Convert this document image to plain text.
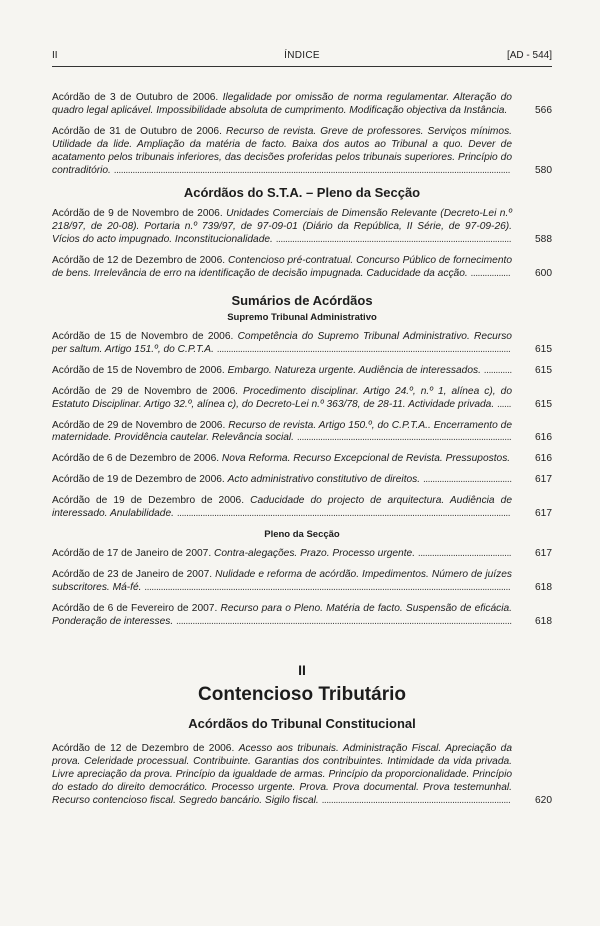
II	ÍNDICE	[AD - 544]
Acórdão de 3 de Outubro de 2006. Ilegalidade por omissão de norma regulamentar. Alteração do quadro legal aplicável. Impossibilidade absoluta de cumprimento. Modificação objectiva da Instância.	566
Acórdão de 31 de Outubro de 2006. Recurso de revista. Greve de professores. Serviços mínimos. Utilidade da lide. Ampliação da matéria de facto. Baixa dos autos ao Tribunal a quo. Dever de acatamento pelos tribunais inferiores, das decisões proferidas pelos tribunais superiores. Princípio do contraditório. .......................................................................................................................................................................... 580
Acórdãos do S.T.A. – Pleno da Secção
Acórdão de 9 de Novembro de 2006. Unidades Comerciais de Dimensão Relevante (Decreto-Lei n.º 218/97, de 20-08). Portaria n.º 739/97, de 97-09-01 (Diário da República, II Série, de 97-09-26). Vícios do acto impugnado. Inconstitucionalidade. ..................................................................................................... 588
Acórdão de 12 de Dezembro de 2006. Contencioso pré-contratual. Concurso Público de fornecimento de bens. Irrelevância de erro na identificação de decisão impugnada. Caducidade da acção. ................. 600
Sumários de Acórdãos
Supremo Tribunal Administrativo
Acórdão de 15 de Novembro de 2006. Competência do Supremo Tribunal Administrativo. Recurso per saltum. Artigo 151.º, do C.P.T.A. .............................................................................................................................. 615
Acórdão de 15 de Novembro de 2006. Embargo. Natureza urgente. Audiência de interessados. ............ 615
Acórdão de 29 de Novembro de 2006. Procedimento disciplinar. Artigo 24.º, n.º 1, alínea c), do Estatuto Disciplinar. Artigo 32.º, alínea c), do Decreto-Lei n.º 363/78, de 28-11. Actividade privada. ...... 615
Acórdão de 29 de Novembro de 2006. Recurso de revista. Artigo 150.º, do C.P.T.A.. Encerramento de maternidade. Providência cautelar. Relevância social. ............................................................................................ 616
Acórdão de 6 de Dezembro de 2006. Nova Reforma. Recurso Excepcional de Revista. Pressupostos. 616
Acórdão de 19 de Dezembro de 2006. Acto administrativo constitutivo de direitos. ...................................... 617
Acórdão de 19 de Dezembro de 2006. Caducidade do projecto de arquitectura. Audiência de interessado. Anulabilidade. ............................................................................................................................................... 617
Pleno da Secção
Acórdão de 17 de Janeiro de 2007. Contra-alegações. Prazo. Processo urgente. ........................................ 617
Acórdão de 23 de Janeiro de 2007. Nulidade e reforma de acórdão. Impedimentos. Número de juízes subscritores. Má-fé. ............................................................................................................................................................. 618
Acórdão de 6 de Fevereiro de 2007. Recurso para o Pleno. Matéria de facto. Suspensão de eficácia. Ponderação de interesses. ................................................................................................................................................ 618
II
Contencioso Tributário
Acórdãos do Tribunal Constitucional
Acórdão de 12 de Dezembro de 2006. Acesso aos tribunais. Administração Fiscal. Apreciação da prova. Celeridade processual. Contribuinte. Garantias dos contribuintes. Intimidade da vida privada. Livre apreciação da prova. Princípio da igualdade de armas. Princípio da proporcionalidade. Princípio do estado do direito democrático. Processo urgente. Prova. Prova documental. Prova testemunhal. Recurso contencioso fiscal. Segredo bancário. Sigilo fiscal. ................................................................................. 620
